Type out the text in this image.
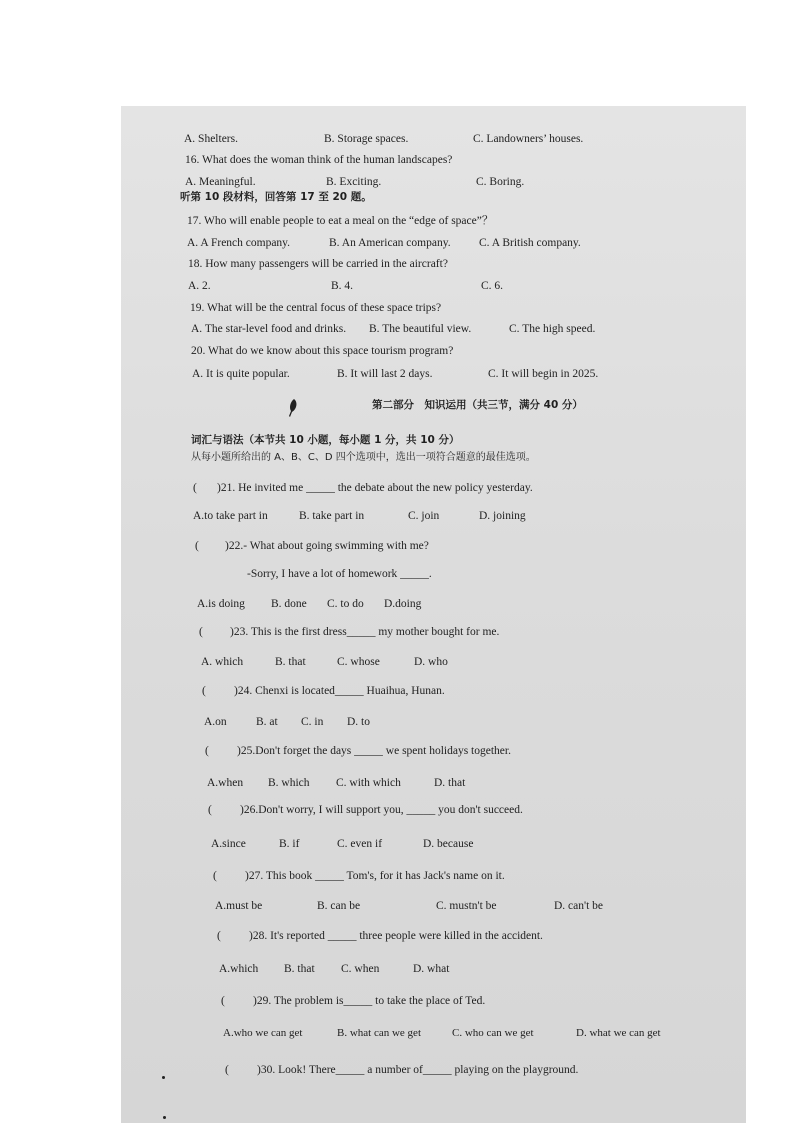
A. Shelters.	B. Storage spaces.	C. Landowners’ houses.
16. What does the woman think of the human landscapes?
A. Meaningful.	B. Exciting.	C. Boring.
听第 10 段材料，回答第 17 至 20 题。
17. Who will enable people to eat a meal on the “edge of space”？
A. A French company.	B. An American company. C. A British company.
18. How many passengers will be carried in the aircraft?
A. 2.	B. 4.	C. 6.
19. What will be the central focus of these space trips?
A. The star-level food and drinks. B. The beautiful view.	C. The high speed.
20. What do we know about this space tourism program?
A. It is quite popular.	B. It will last 2 days.	C. It will begin in 2025.
第二部分　知识运用（共三节，满分 40 分）
词汇与语法（本节共 10 小题，每小题 1 分，共 10 分）
从每小题所给出的 A、B、C、D 四个选项中，选出一项符合题意的最佳选项。
( )21. He invited me _____ the debate about the new policy yesterday.
A.to take part in	B. take part in	C. join	D. joining
( )22.- What about going swimming with me?
-Sorry, I have a lot of homework _____.
A.is doing B. done C. to do D.doing
( )23. This is the first dress_____ my mother bought for me.
A. which	B. that	C. whose	D. who
( )24. Chenxi is located_____ Huaihua, Hunan.
A.on	B. at C. in D. to
( )25.Don't forget the days _____ we spent holidays together.
A.when B. which C. with which	D. that
( )26.Don't worry, I will support you, _____ you don't succeed.
A.since	B. if	C. even if	D. because
( )27. This book _____ Tom's, for it has Jack's name on it.
A.must be	B. can be	C. mustn't be	D. can't be
( )28. It's reported _____ three people were killed in the accident.
A.which B. that C. when	D. what
( )29. The problem is_____ to take the place of Ted.
A.who we can get	B. what can we get	C. who can we get	D. what we can get
( )30. Look! There_____ a number of_____ playing on the playground.
